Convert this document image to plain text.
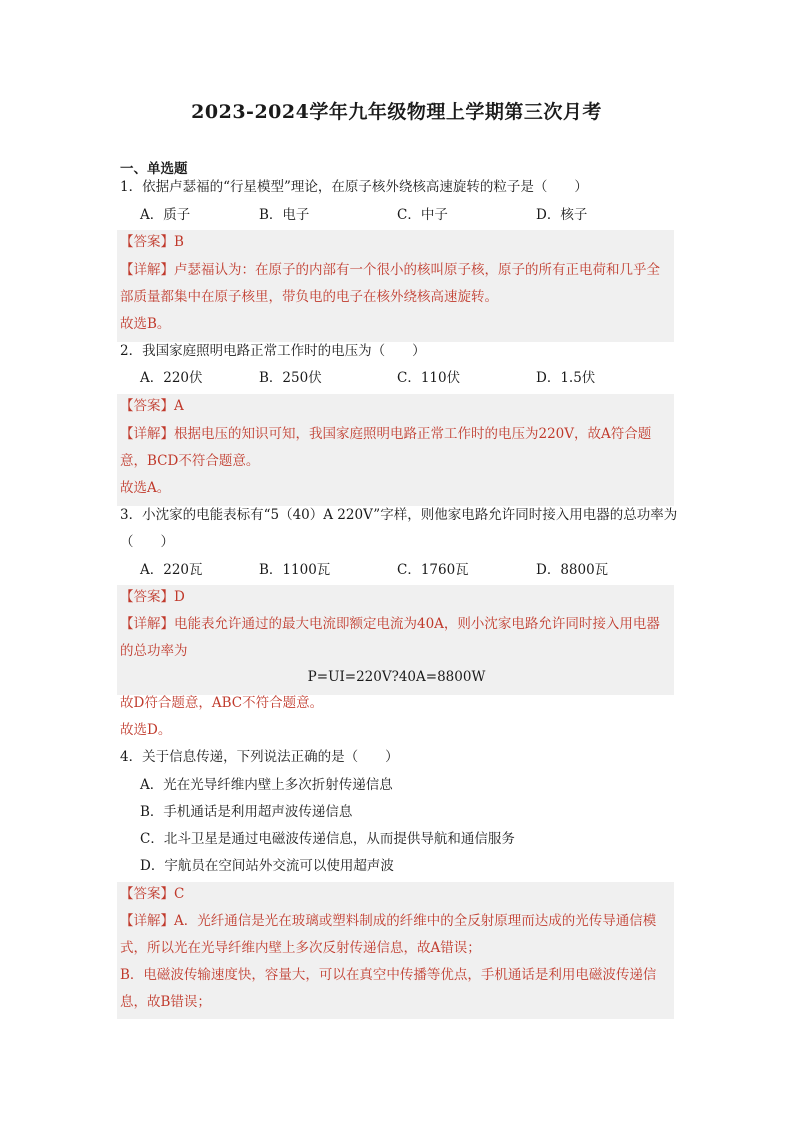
2023-2024学年九年级物理上学期第三次月考
一、单选题
1．依据卢瑟福的“行星模型”理论，在原子核外绕核高速旋转的粒子是（　　）
A．质子	B．电子	C．中子	D．核子
【答案】B
【详解】卢瑟福认为：在原子的内部有一个很小的核叫原子核，原子的所有正电荷和几乎全
部质量都集中在原子核里，带负电的电子在核外绕核高速旋转。
故选B。
2．我国家庭照明电路正常工作时的电压为（　　）
A．220伏	B．250伏	C．110伏	D．1.5伏
【答案】A
【详解】根据电压的知识可知，我国家庭照明电路正常工作时的电压为220V，故A符合题
意，BCD不符合题意。
故选A。
3．小沈家的电能表标有“5（40）A 220V”字样，则他家电路允许同时接入用电器的总功率为
（　　）
A．220瓦	B．1100瓦	C．1760瓦	D．8800瓦
【答案】D
【详解】电能表允许通过的最大电流即额定电流为40A，则小沈家电路允许同时接入用电器
的总功率为
P=UI=220V?40A=8800W
故D符合题意，ABC不符合题意。
故选D。
4．关于信息传递，下列说法正确的是（　　）
A．光在光导纤维内壁上多次折射传递信息
B．手机通话是利用超声波传递信息
C．北斗卫星是通过电磁波传递信息，从而提供导航和通信服务
D．宇航员在空间站外交流可以使用超声波
【答案】C
【详解】A．光纤通信是光在玻璃或塑料制成的纤维中的全反射原理而达成的光传导通信模
式，所以光在光导纤维内壁上多次反射传递信息，故A错误；
B．电磁波传输速度快，容量大，可以在真空中传播等优点，手机通话是利用电磁波传递信
息，故B错误；
